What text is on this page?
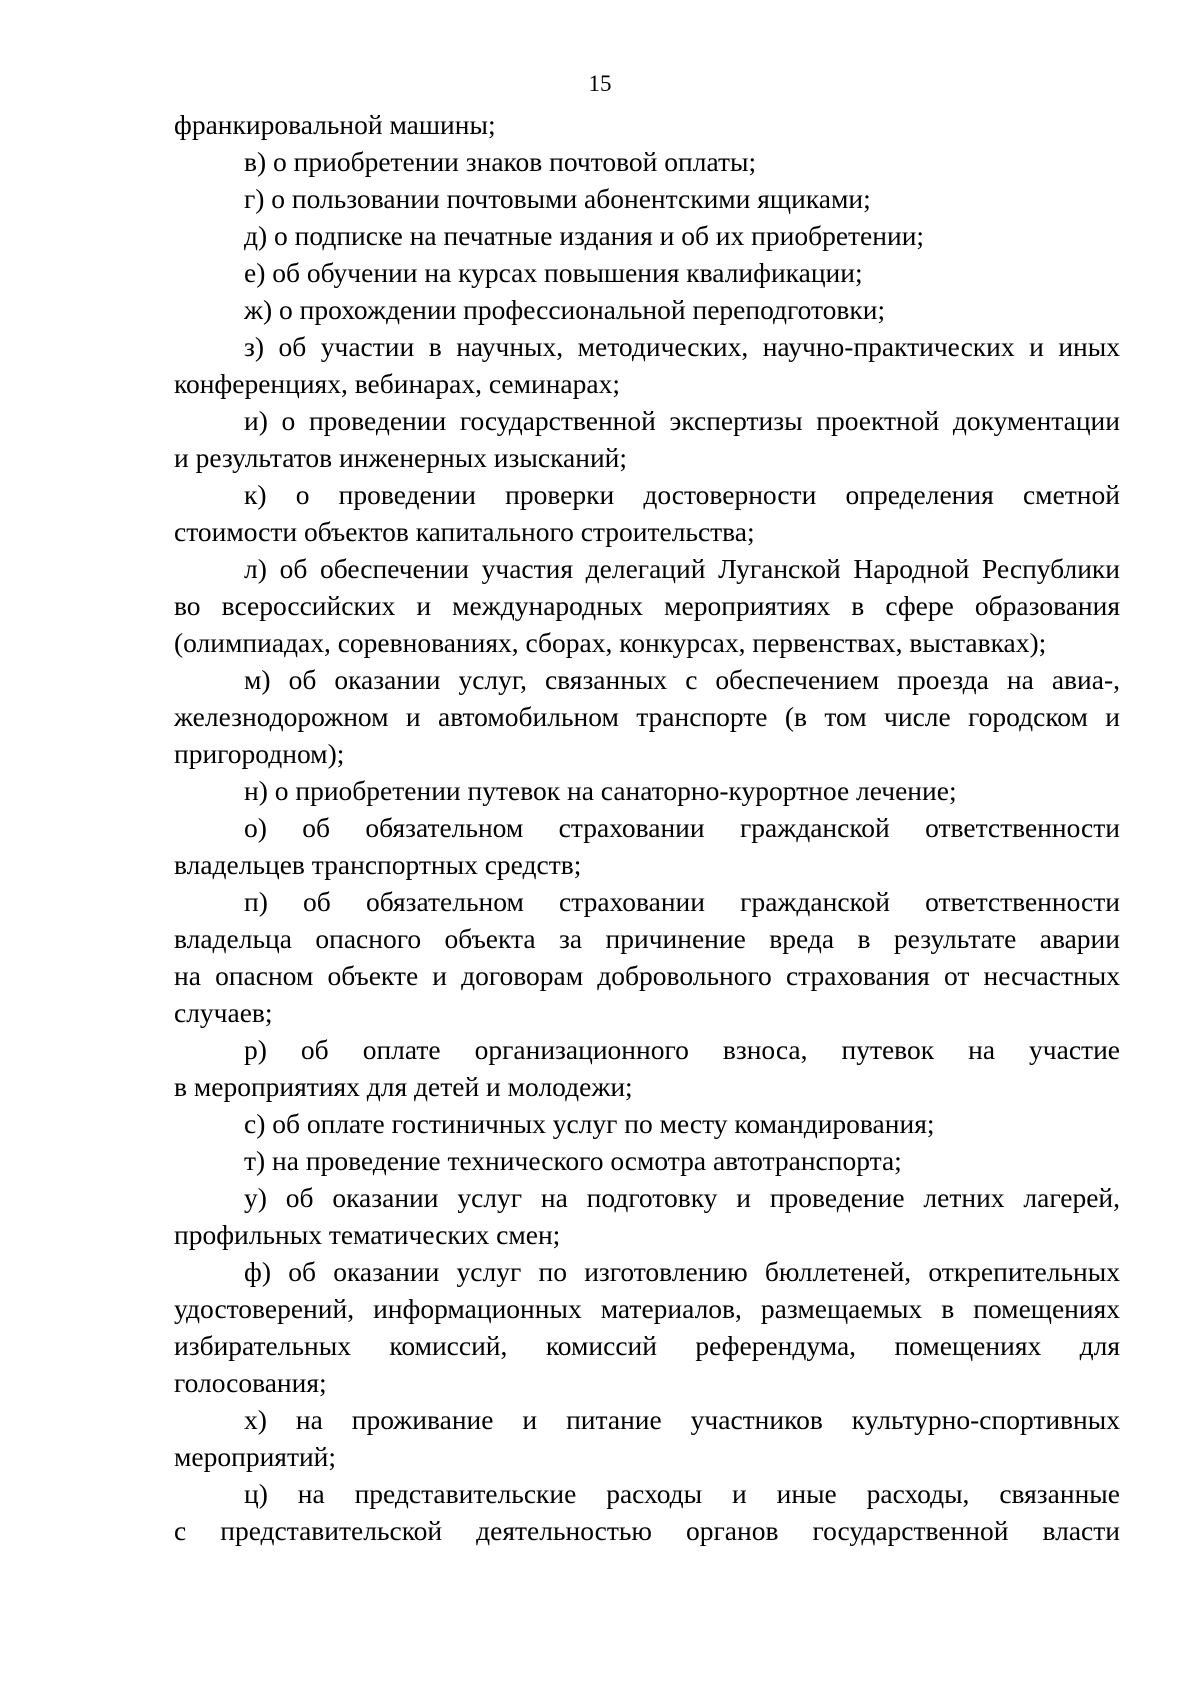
15
франкировальной машины;
в) о приобретении знаков почтовой оплаты;
г) о пользовании почтовыми абонентскими ящиками;
д) о подписке на печатные издания и об их приобретении;
е) об обучении на курсах повышения квалификации;
ж) о прохождении профессиональной переподготовки;
з) об участии в научных, методических, научно-практических и иных
конференциях, вебинарах, семинарах;
и) о проведении государственной экспертизы проектной документации
и результатов инженерных изысканий;
к) о проведении проверки достоверности определения сметной
стоимости объектов капитального строительства;
л) об обеспечении участия делегаций Луганской Народной Республики
во всероссийских и международных мероприятиях в сфере образования
(олимпиадах, соревнованиях, сборах, конкурсах, первенствах, выставках);
м) об оказании услуг, связанных с обеспечением проезда на авиа-,
железнодорожном и автомобильном транспорте (в том числе городском и
пригородном);
н) о приобретении путевок на санаторно-курортное лечение;
о) об обязательном страховании гражданской ответственности
владельцев транспортных средств;
п) об обязательном страховании гражданской ответственности
владельца опасного объекта за причинение вреда в результате аварии
на опасном объекте и договорам добровольного страхования от несчастных
случаев;
р) об оплате организационного взноса, путевок на участие
в мероприятиях для детей и молодежи;
с) об оплате гостиничных услуг по месту командирования;
т) на проведение технического осмотра автотранспорта;
у) об оказании услуг на подготовку и проведение летних лагерей,
профильных тематических смен;
ф) об оказании услуг по изготовлению бюллетеней, открепительных
удостоверений, информационных материалов, размещаемых в помещениях
избирательных комиссий, комиссий референдума, помещениях для
голосования;
х) на проживание и питание участников культурно-спортивных
мероприятий;
ц) на представительские расходы и иные расходы, связанные
с представительской деятельностью органов государственной власти
